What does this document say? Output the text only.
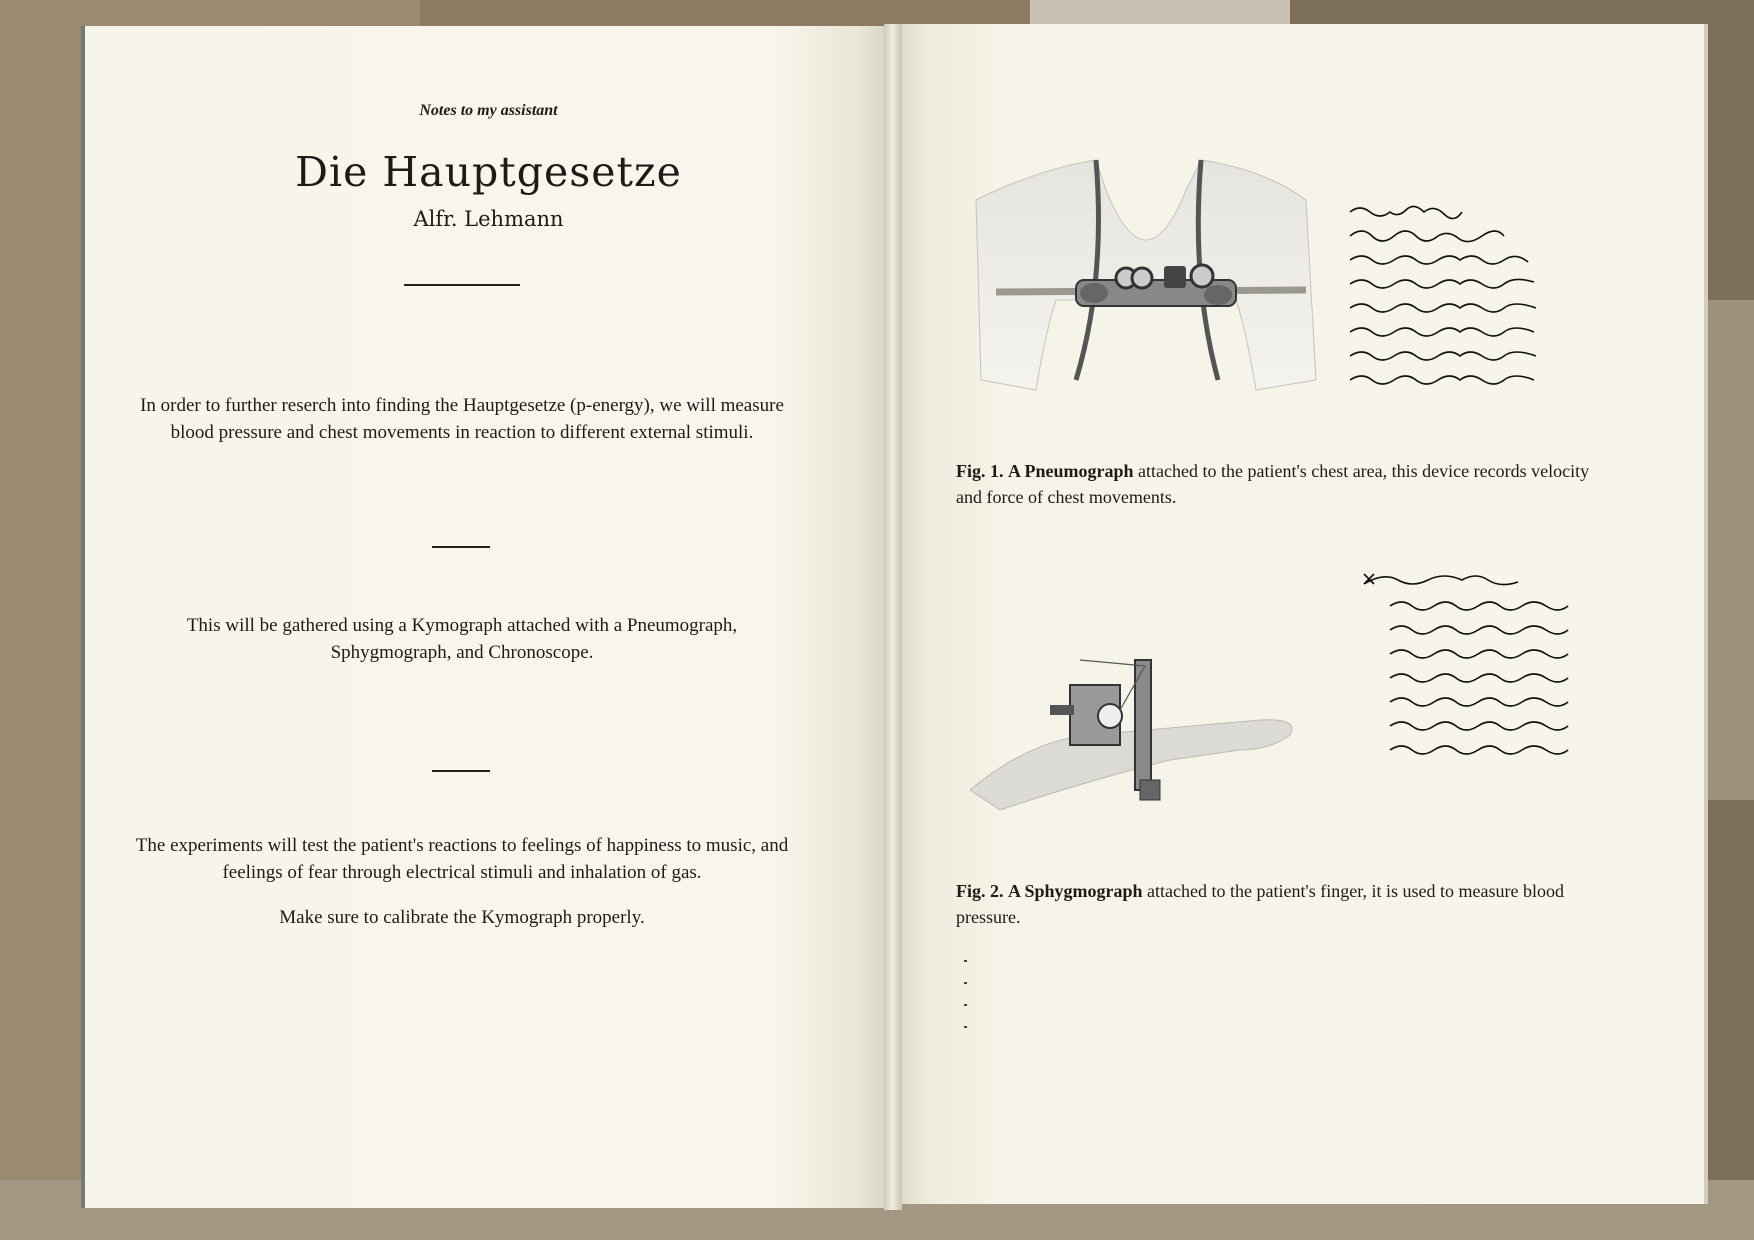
Notes to my assistant
Die Hauptgesetze
Alfr. Lehmann
In order to further reserch into finding the Hauptgesetze (p-energy), we will measure blood pressure and chest movements in reaction to different external stimuli.
This will be gathered using a Kymograph attached with a Pneumograph, Sphygmograph, and Chronoscope.
The experiments will test the patient's reactions to feelings of happiness to music, and feelings of fear through electrical stimuli and inhalation of gas.
Make sure to calibrate the Kymograph properly.
Fig. 1. A Pneumograph attached to the patient's chest area, this device records velocity and force of chest movements.
Fig. 2. A Sphygmograph attached to the patient's finger, it is used to measure blood pressure.
